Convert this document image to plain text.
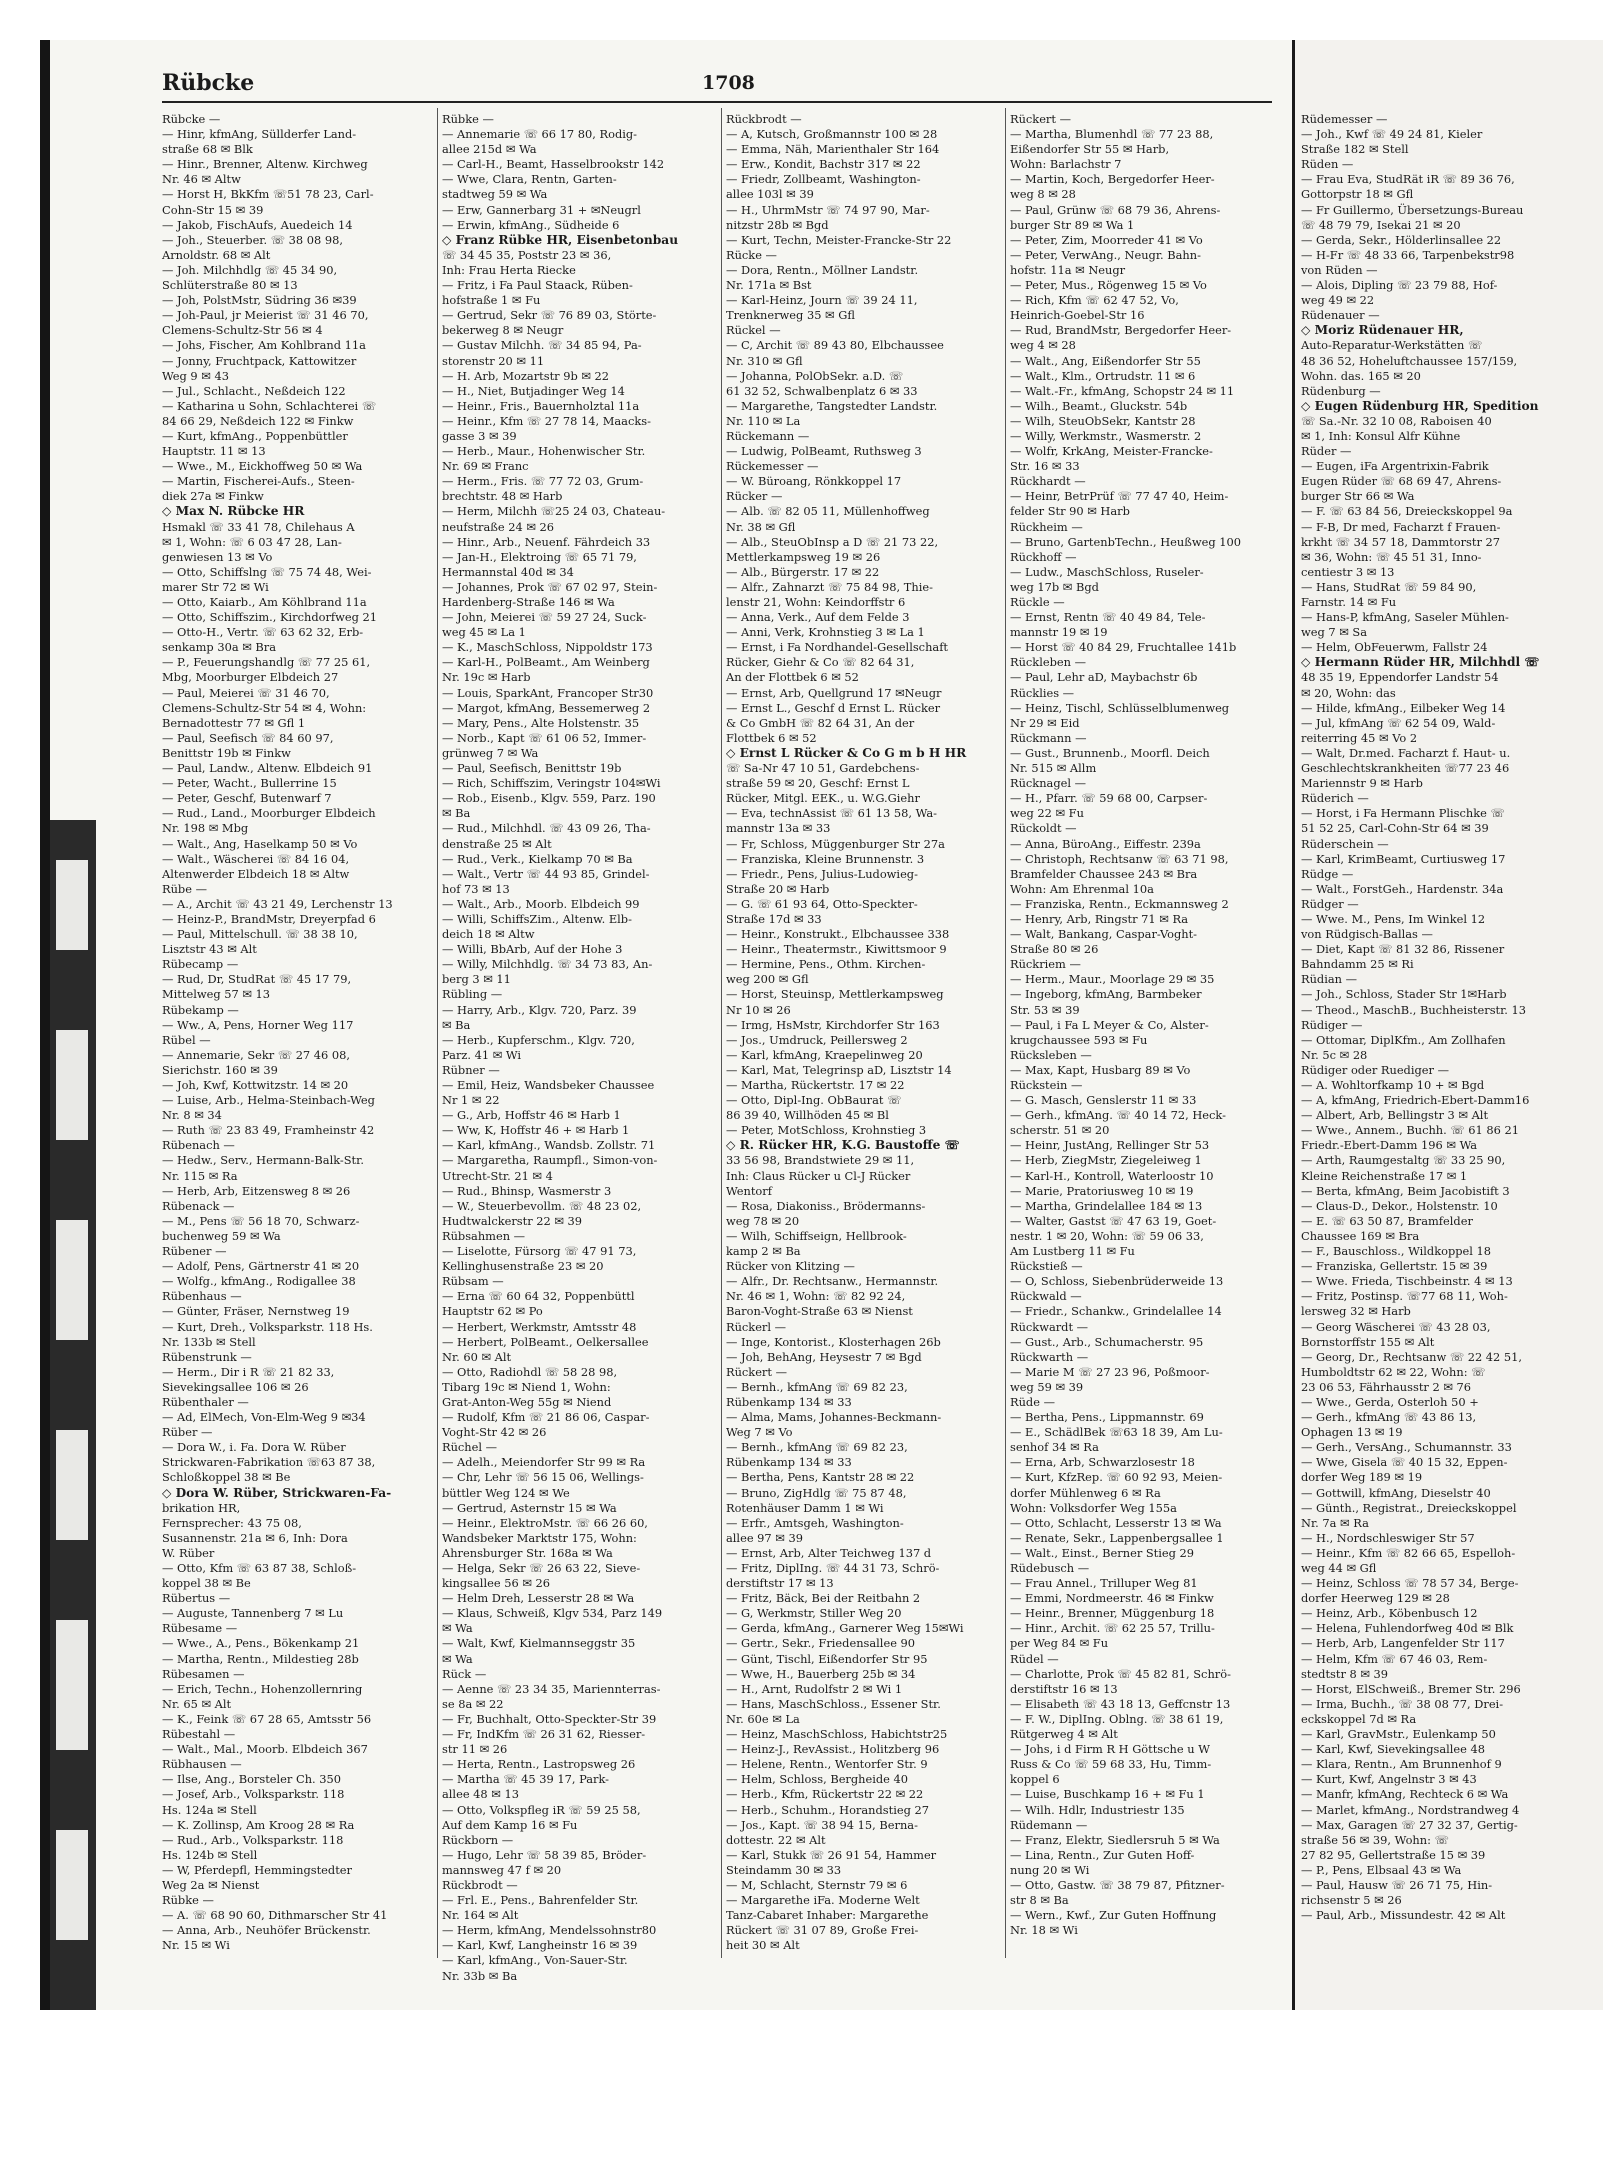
Rübcke	1708
Rübcke —
— Hinr, kfmAng, Süllderfer Land-
straße 68 ✉ Blk
— Hinr., Brenner, Altenw. Kirchweg
Nr. 46 ✉ Altw
— Horst H, BkKfm ☏51 78 23, Carl-
Cohn-Str 15 ✉ 39
— Jakob, FischAufs, Auedeich 14
— Joh., Steuerber. ☏ 38 08 98,
Arnoldstr. 68 ✉ Alt
— Joh. Milchhdlg ☏ 45 34 90,
Schlüterstraße 80 ✉ 13
— Joh, PolstMstr, Südring 36 ✉39
— Joh-Paul, jr Meierist ☏ 31 46 70,
Clemens-Schultz-Str 56 ✉ 4
— Johs, Fischer, Am Kohlbrand 11a
— Jonny, Fruchtpack, Kattowitzer
Weg 9 ✉ 43
— Jul., Schlacht., Neßdeich 122
— Katharina u Sohn, Schlachterei ☏
84 66 29, Neßdeich 122 ✉ Finkw
— Kurt, kfmAng., Poppenbüttler
Hauptstr. 11 ✉ 13
— Wwe., M., Eickhoffweg 50 ✉ Wa
— Martin, Fischerei-Aufs., Steen-
diek 27a ✉ Finkw
◇ Max N. Rübcke HR
Hsmakl ☏ 33 41 78, Chilehaus A
✉ 1, Wohn: ☏ 6 03 47 28, Lan-
genwiesen 13 ✉ Vo
— Otto, Schiffslng ☏ 75 74 48, Wei-
marer Str 72 ✉ Wi
— Otto, Kaiarb., Am Köhlbrand 11a
— Otto, Schiffszim., Kirchdorfweg 21
— Otto-H., Vertr. ☏ 63 62 32, Erb-
senkamp 30a ✉ Bra
— P., Feuerungshandlg ☏ 77 25 61,
Mbg, Moorburger Elbdeich 27
— Paul, Meierei ☏ 31 46 70,
Clemens-Schultz-Str 54 ✉ 4, Wohn:
Bernadottestr 77 ✉ Gfl 1
— Paul, Seefisch ☏ 84 60 97,
Benittstr 19b ✉ Finkw
— Paul, Landw., Altenw. Elbdeich 91
— Peter, Wacht., Bullerrine 15
— Peter, Geschf, Butenwarf 7
— Rud., Land., Moorburger Elbdeich
Nr. 198 ✉ Mbg
— Walt., Ang, Haselkamp 50 ✉ Vo
— Walt., Wäscherei ☏ 84 16 04,
Altenwerder Elbdeich 18 ✉ Altw
Rübe —
— A., Archit ☏ 43 21 49, Lerchenstr 13
— Heinz-P., BrandMstr, Dreyerpfad 6
— Paul, Mittelschull. ☏ 38 38 10,
Lisztstr 43 ✉ Alt
Rübecamp —
— Rud, Dr, StudRat ☏ 45 17 79,
Mittelweg 57 ✉ 13
Rübekamp —
— Ww., A, Pens, Horner Weg 117
Rübel —
— Annemarie, Sekr ☏ 27 46 08,
Sierichstr. 160 ✉ 39
— Joh, Kwf, Kottwitzstr. 14 ✉ 20
— Luise, Arb., Helma-Steinbach-Weg
Nr. 8 ✉ 34
— Ruth ☏ 23 83 49, Framheinstr 42
Rübenach —
— Hedw., Serv., Hermann-Balk-Str.
Nr. 115 ✉ Ra
— Herb, Arb, Eitzensweg 8 ✉ 26
Rübenack —
— M., Pens ☏ 56 18 70, Schwarz-
buchenweg 59 ✉ Wa
Rübener —
— Adolf, Pens, Gärtnerstr 41 ✉ 20
— Wolfg., kfmAng., Rodigallee 38
Rübenhaus —
— Günter, Fräser, Nernstweg 19
— Kurt, Dreh., Volksparkstr. 118 Hs.
Nr. 133b ✉ Stell
Rübenstrunk —
— Herm., Dir i R ☏ 21 82 33,
Sievekingsallee 106 ✉ 26
Rübenthaler —
— Ad, ElMech, Von-Elm-Weg 9 ✉34
Rüber —
— Dora W., i. Fa. Dora W. Rüber
Strickwaren-Fabrikation ☏63 87 38,
Schloßkoppel 38 ✉ Be
◇ Dora W. Rüber, Strickwaren-Fa-
brikation HR,
Fernsprecher: 43 75 08,
Susannenstr. 21a ✉ 6, Inh: Dora
W. Rüber
— Otto, Kfm ☏ 63 87 38, Schloß-
koppel 38 ✉ Be
Rübertus —
— Auguste, Tannenberg 7 ✉ Lu
Rübesame —
— Wwe., A., Pens., Bökenkamp 21
— Martha, Rentn., Mildestieg 28b
Rübesamen —
— Erich, Techn., Hohenzollernring
Nr. 65 ✉ Alt
— K., Feink ☏ 67 28 65, Amtsstr 56
Rübestahl —
— Walt., Mal., Moorb. Elbdeich 367
Rübhausen —
— Ilse, Ang., Borsteler Ch. 350
— Josef, Arb., Volksparkstr. 118
Hs. 124a ✉ Stell
— K. Zollinsp, Am Kroog 28 ✉ Ra
— Rud., Arb., Volksparkstr. 118
Hs. 124b ✉ Stell
— W, Pferdepfl, Hemmingstedter
Weg 2a ✉ Nienst
Rübke —
— A. ☏ 68 90 60, Dithmarscher Str 41
— Anna, Arb., Neuhöfer Brückenstr.
Nr. 15 ✉ Wi
Rübke —
— Annemarie ☏ 66 17 80, Rodig-
allee 215d ✉ Wa
— Carl-H., Beamt, Hasselbrookstr 142
— Wwe, Clara, Rentn, Garten-
stadtweg 59 ✉ Wa
— Erw, Gannerbarg 31 + ✉Neugrl
— Erwin, kfmAng., Südheide 6
◇ Franz Rübke HR, Eisenbetonbau
☏ 34 45 35, Poststr 23 ✉ 36,
Inh: Frau Herta Riecke
— Fritz, i Fa Paul Staack, Rüben-
hofstraße 1 ✉ Fu
— Gertrud, Sekr ☏ 76 89 03, Störte-
bekerweg 8 ✉ Neugr
— Gustav Milchh. ☏ 34 85 94, Pa-
storenstr 20 ✉ 11
— H. Arb, Mozartstr 9b ✉ 22
— H., Niet, Butjadinger Weg 14
— Heinr., Fris., Bauernholztal 11a
— Heinr., Kfm ☏ 27 78 14, Maacks-
gasse 3 ✉ 39
— Herb., Maur., Hohenwischer Str.
Nr. 69 ✉ Franc
— Herm., Fris. ☏ 77 72 03, Grum-
brechtstr. 48 ✉ Harb
— Herm, Milchh ☏25 24 03, Chateau-
neufstraße 24 ✉ 26
— Hinr., Arb., Neuenf. Fährdeich 33
— Jan-H., Elektroing ☏ 65 71 79,
Hermannstal 40d ✉ 34
— Johannes, Prok ☏ 67 02 97, Stein-
Hardenberg-Straße 146 ✉ Wa
— John, Meierei ☏ 59 27 24, Suck-
weg 45 ✉ La 1
— K., MaschSchloss, Nippoldstr 173
— Karl-H., PolBeamt., Am Weinberg
Nr. 19c ✉ Harb
— Louis, SparkAnt, Francoper Str30
— Margot, kfmAng, Bessemerweg 2
— Mary, Pens., Alte Holstenstr. 35
— Norb., Kapt ☏ 61 06 52, Immer-
grünweg 7 ✉ Wa
— Paul, Seefisch, Benittstr 19b
— Rich, Schiffszim, Veringstr 104✉Wi
— Rob., Eisenb., Klgv. 559, Parz. 190
✉ Ba
— Rud., Milchhdl. ☏ 43 09 26, Tha-
denstraße 25 ✉ Alt
— Rud., Verk., Kielkamp 70 ✉ Ba
— Walt., Vertr ☏ 44 93 85, Grindel-
hof 73 ✉ 13
— Walt., Arb., Moorb. Elbdeich 99
— Willi, SchiffsZim., Altenw. Elb-
deich 18 ✉ Altw
— Willi, BbArb, Auf der Hohe 3
— Willy, Milchhdlg. ☏ 34 73 83, An-
berg 3 ✉ 11
Rübling —
— Harry, Arb., Klgv. 720, Parz. 39
✉ Ba
— Herb., Kupferschm., Klgv. 720,
Parz. 41 ✉ Wi
Rübner —
— Emil, Heiz, Wandsbeker Chaussee
Nr 1 ✉ 22
— G., Arb, Hoffstr 46 ✉ Harb 1
— Ww, K, Hoffstr 46 + ✉ Harb 1
— Karl, kfmAng., Wandsb. Zollstr. 71
— Margaretha, Raumpfl., Simon-von-
Utrecht-Str. 21 ✉ 4
— Rud., Bhinsp, Wasmerstr 3
— W., Steuerbevollm. ☏ 48 23 02,
Hudtwalckerstr 22 ✉ 39
Rübsahmen —
— Liselotte, Fürsorg ☏ 47 91 73,
Kellinghusenstraße 23 ✉ 20
Rübsam —
— Erna ☏ 60 64 32, Poppenbüttl
Hauptstr 62 ✉ Po
— Herbert, Werkmstr, Amtsstr 48
— Herbert, PolBeamt., Oelkersallee
Nr. 60 ✉ Alt
— Otto, Radiohdl ☏ 58 28 98,
Tibarg 19c ✉ Niend 1, Wohn:
Grat-Anton-Weg 55g ✉ Niend
— Rudolf, Kfm ☏ 21 86 06, Caspar-
Voght-Str 42 ✉ 26
Rüchel —
— Adelh., Meiendorfer Str 99 ✉ Ra
— Chr, Lehr ☏ 56 15 06, Wellings-
büttler Weg 124 ✉ We
— Gertrud, Asternstr 15 ✉ Wa
— Heinr., ElektroMstr. ☏ 66 26 60,
Wandsbeker Marktstr 175, Wohn:
Ahrensburger Str. 168a ✉ Wa
— Helga, Sekr ☏ 26 63 22, Sieve-
kingsallee 56 ✉ 26
— Helm Dreh, Lesserstr 28 ✉ Wa
— Klaus, Schweiß, Klgv 534, Parz 149
✉ Wa
— Walt, Kwf, Kielmannseggstr 35
✉ Wa
Rück —
— Aenne ☏ 23 34 35, Mariennterras-
se 8a ✉ 22
— Fr, Buchhalt, Otto-Speckter-Str 39
— Fr, IndKfm ☏ 26 31 62, Riesser-
str 11 ✉ 26
— Herta, Rentn., Lastropsweg 26
— Martha ☏ 45 39 17, Park-
allee 48 ✉ 13
— Otto, Volkspfleg iR ☏ 59 25 58,
Auf dem Kamp 16 ✉ Fu
Rückborn —
— Hugo, Lehr ☏ 58 39 85, Bröder-
mannsweg 47 f ✉ 20
Rückbrodt —
— Frl. E., Pens., Bahrenfelder Str.
Nr. 164 ✉ Alt
— Herm, kfmAng, Mendelssohnstr80
— Karl, Kwf, Langheinstr 16 ✉ 39
— Karl, kfmAng., Von-Sauer-Str.
Nr. 33b ✉ Ba
Rückbrodt —
— A, Kutsch, Großmannstr 100 ✉ 28
— Emma, Näh, Marienthaler Str 164
— Erw., Kondit, Bachstr 317 ✉ 22
— Friedr, Zollbeamt, Washington-
allee 103l ✉ 39
— H., UhrmMstr ☏ 74 97 90, Mar-
nitzstr 28b ✉ Bgd
— Kurt, Techn, Meister-Francke-Str 22
Rücke —
— Dora, Rentn., Möllner Landstr.
Nr. 171a ✉ Bst
— Karl-Heinz, Journ ☏ 39 24 11,
Trenknerweg 35 ✉ Gfl
Rückel —
— C, Archit ☏ 89 43 80, Elbchaussee
Nr. 310 ✉ Gfl
— Johanna, PolObSekr. a.D. ☏
61 32 52, Schwalbenplatz 6 ✉ 33
— Margarethe, Tangstedter Landstr.
Nr. 110 ✉ La
Rückemann —
— Ludwig, PolBeamt, Ruthsweg 3
Rückemesser —
— W. Büroang, Rönkkoppel 17
Rücker —
— Alb. ☏ 82 05 11, Müllenhoffweg
Nr. 38 ✉ Gfl
— Alb., SteuObInsp a D ☏ 21 73 22,
Mettlerkampsweg 19 ✉ 26
— Alb., Bürgerstr. 17 ✉ 22
— Alfr., Zahnarzt ☏ 75 84 98, Thie-
lenstr 21, Wohn: Keindorffstr 6
— Anna, Verk., Auf dem Felde 3
— Anni, Verk, Krohnstieg 3 ✉ La 1
— Ernst, i Fa Nordhandel-Gesellschaft
Rücker, Giehr & Co ☏ 82 64 31,
An der Flottbek 6 ✉ 52
— Ernst, Arb, Quellgrund 17 ✉Neugr
— Ernst L., Geschf d Ernst L. Rücker
& Co GmbH ☏ 82 64 31, An der
Flottbek 6 ✉ 52
◇ Ernst L Rücker & Co G m b H HR
☏ Sa-Nr 47 10 51, Gardebchens-
straße 59 ✉ 20, Geschf: Ernst L
Rücker, Mitgl. EEK., u. W.G.Giehr
— Eva, technAssist ☏ 61 13 58, Wa-
mannstr 13a ✉ 33
— Fr, Schloss, Müggenburger Str 27a
— Franziska, Kleine Brunnenstr. 3
— Friedr., Pens, Julius-Ludowieg-
Straße 20 ✉ Harb
— G. ☏ 61 93 64, Otto-Speckter-
Straße 17d ✉ 33
— Heinr., Konstrukt., Elbchaussee 338
— Heinr., Theatermstr., Kiwittsmoor 9
— Hermine, Pens., Othm. Kirchen-
weg 200 ✉ Gfl
— Horst, Steuinsp, Mettlerkampsweg
Nr 10 ✉ 26
— Irmg, HsMstr, Kirchdorfer Str 163
— Jos., Umdruck, Peillersweg 2
— Karl, kfmAng, Kraepelinweg 20
— Karl, Mat, Telegrinsp aD, Lisztstr 14
— Martha, Rückertstr. 17 ✉ 22
— Otto, Dipl-Ing. ObBaurat ☏
86 39 40, Willhöden 45 ✉ Bl
— Peter, MotSchloss, Krohnstieg 3
◇ R. Rücker HR, K.G. Baustoffe ☏
33 56 98, Brandstwiete 29 ✉ 11,
Inh: Claus Rücker u Cl-J Rücker
Wentorf
— Rosa, Diakoniss., Brödermanns-
weg 78 ✉ 20
— Wilh, Schiffseign, Hellbrook-
kamp 2 ✉ Ba
Rücker von Klitzing —
— Alfr., Dr. Rechtsanw., Hermannstr.
Nr. 46 ✉ 1, Wohn: ☏ 82 92 24,
Baron-Voght-Straße 63 ✉ Nienst
Rückerl —
— Inge, Kontorist., Klosterhagen 26b
— Joh, BehAng, Heysestr 7 ✉ Bgd
Rückert —
— Bernh., kfmAng ☏ 69 82 23,
Rübenkamp 134 ✉ 33
— Alma, Mams, Johannes-Beckmann-
Weg 7 ✉ Vo
— Bernh., kfmAng ☏ 69 82 23,
Rübenkamp 134 ✉ 33
— Bertha, Pens, Kantstr 28 ✉ 22
— Bruno, ZigHdlg ☏ 75 87 48,
Rotenhäuser Damm 1 ✉ Wi
— Erfr., Amtsgeh, Washington-
allee 97 ✉ 39
— Ernst, Arb, Alter Teichweg 137 d
— Fritz, DiplIng. ☏ 44 31 73, Schrö-
derstiftstr 17 ✉ 13
— Fritz, Bäck, Bei der Reitbahn 2
— G, Werkmstr, Stiller Weg 20
— Gerda, kfmAng., Garnerer Weg 15✉Wi
— Gertr., Sekr., Friedensallee 90
— Günt, Tischl, Eißendorfer Str 95
— Wwe, H., Bauerberg 25b ✉ 34
— H., Arnt, Rudolfstr 2 ✉ Wi 1
— Hans, MaschSchloss., Essener Str.
Nr. 60e ✉ La
— Heinz, MaschSchloss, Habichtstr25
— Heinz-J., RevAssist., Holitzberg 96
— Helene, Rentn., Wentorfer Str. 9
— Helm, Schloss, Bergheide 40
— Herb., Kfm, Rückertstr 22 ✉ 22
— Herb., Schuhm., Horandstieg 27
— Jos., Kapt. ☏ 38 94 15, Berna-
dottestr. 22 ✉ Alt
— Karl, Stukk ☏ 26 91 54, Hammer
Steindamm 30 ✉ 33
— M, Schlacht, Sternstr 79 ✉ 6
— Margarethe iFa. Moderne Welt
Tanz-Cabaret Inhaber: Margarethe
Rückert ☏ 31 07 89, Große Frei-
heit 30 ✉ Alt
Rückert —
— Martha, Blumenhdl ☏ 77 23 88,
Eißendorfer Str 55 ✉ Harb,
Wohn: Barlachstr 7
— Martin, Koch, Bergedorfer Heer-
weg 8 ✉ 28
— Paul, Grünw ☏ 68 79 36, Ahrens-
burger Str 89 ✉ Wa 1
— Peter, Zim, Moorreder 41 ✉ Vo
— Peter, VerwAng., Neugr. Bahn-
hofstr. 11a ✉ Neugr
— Peter, Mus., Rögenweg 15 ✉ Vo
— Rich, Kfm ☏ 62 47 52, Vo,
Heinrich-Goebel-Str 16
— Rud, BrandMstr, Bergedorfer Heer-
weg 4 ✉ 28
— Walt., Ang, Eißendorfer Str 55
— Walt., Klm., Ortrudstr. 11 ✉ 6
— Walt.-Fr., kfmAng, Schopstr 24 ✉ 11
— Wilh., Beamt., Gluckstr. 54b
— Wilh, SteuObSekr, Kantstr 28
— Willy, Werkmstr., Wasmerstr. 2
— Wolfr, KrkAng, Meister-Francke-
Str. 16 ✉ 33
Rückhardt —
— Heinr, BetrPrüf ☏ 77 47 40, Heim-
felder Str 90 ✉ Harb
Rückheim —
— Bruno, GartenbTechn., Heußweg 100
Rückhoff —
— Ludw., MaschSchloss, Ruseler-
weg 17b ✉ Bgd
Rückle —
— Ernst, Rentn ☏ 40 49 84, Tele-
mannstr 19 ✉ 19
— Horst ☏ 40 84 29, Fruchtallee 141b
Rückleben —
— Paul, Lehr aD, Maybachstr 6b
Rücklies —
— Heinz, Tischl, Schlüsselblumenweg
Nr 29 ✉ Eid
Rückmann —
— Gust., Brunnenb., Moorfl. Deich
Nr. 515 ✉ Allm
Rücknagel —
— H., Pfarr. ☏ 59 68 00, Carpser-
weg 22 ✉ Fu
Rückoldt —
— Anna, BüroAng., Eiffestr. 239a
— Christoph, Rechtsanw ☏ 63 71 98,
Bramfelder Chaussee 243 ✉ Bra
Wohn: Am Ehrenmal 10a
— Franziska, Rentn., Eckmannsweg 2
— Henry, Arb, Ringstr 71 ✉ Ra
— Walt, Bankang, Caspar-Voght-
Straße 80 ✉ 26
Rückriem —
— Herm., Maur., Moorlage 29 ✉ 35
— Ingeborg, kfmAng, Barmbeker
Str. 53 ✉ 39
— Paul, i Fa L Meyer & Co, Alster-
krugchaussee 593 ✉ Fu
Rücksleben —
— Max, Kapt, Husbarg 89 ✉ Vo
Rückstein —
— G. Masch, Genslerstr 11 ✉ 33
— Gerh., kfmAng. ☏ 40 14 72, Heck-
scherstr. 51 ✉ 20
— Heinr, JustAng, Rellinger Str 53
— Herb, ZiegMstr, Ziegeleiweg 1
— Karl-H., Kontroll, Waterloostr 10
— Marie, Pratoriusweg 10 ✉ 19
— Martha, Grindelallee 184 ✉ 13
— Walter, Gastst ☏ 47 63 19, Goet-
nestr. 1 ✉ 20, Wohn: ☏ 59 06 33,
Am Lustberg 11 ✉ Fu
Rückstieß —
— O, Schloss, Siebenbrüderweide 13
Rückwald —
— Friedr., Schankw., Grindelallee 14
Rückwardt —
— Gust., Arb., Schumacherstr. 95
Rückwarth —
— Marie M ☏ 27 23 96, Poßmoor-
weg 59 ✉ 39
Rüde —
— Bertha, Pens., Lippmannstr. 69
— E., SchädlBek ☏63 18 39, Am Lu-
senhof 34 ✉ Ra
— Erna, Arb, Schwarzlosestr 18
— Kurt, KfzRep. ☏ 60 92 93, Meien-
dorfer Mühlenweg 6 ✉ Ra
Wohn: Volksdorfer Weg 155a
— Otto, Schlacht, Lesserstr 13 ✉ Wa
— Renate, Sekr., Lappenbergsallee 1
— Walt., Einst., Berner Stieg 29
Rüdebusch —
— Frau Annel., Trilluper Weg 81
— Emmi, Nordmeerstr. 46 ✉ Finkw
— Heinr., Brenner, Müggenburg 18
— Hinr., Archit. ☏ 62 25 57, Trillu-
per Weg 84 ✉ Fu
Rüdel —
— Charlotte, Prok ☏ 45 82 81, Schrö-
derstiftstr 16 ✉ 13
— Elisabeth ☏ 43 18 13, Geffcnstr 13
— F. W., DiplIng. Oblng. ☏ 38 61 19,
Rütgerweg 4 ✉ Alt
— Johs, i d Firm R H Göttsche u W
Russ & Co ☏ 59 68 33, Hu, Timm-
koppel 6
— Luise, Buschkamp 16 + ✉ Fu 1
— Wilh. Hdlr, Industriestr 135
Rüdemann —
— Franz, Elektr, Siedlersruh 5 ✉ Wa
— Lina, Rentn., Zur Guten Hoff-
nung 20 ✉ Wi
— Otto, Gastw. ☏ 38 79 87, Pfitzner-
str 8 ✉ Ba
— Wern., Kwf., Zur Guten Hoffnung
Nr. 18 ✉ Wi
Rüdemesser —
— Joh., Kwf ☏ 49 24 81, Kieler
Straße 182 ✉ Stell
Rüden —
— Frau Eva, StudRät iR ☏ 89 36 76,
Gottorpstr 18 ✉ Gfl
— Fr Guillermo, Übersetzungs-Bureau
☏ 48 79 79, Isekai 21 ✉ 20
— Gerda, Sekr., Hölderlinsallee 22
— H-Fr ☏ 48 33 66, Tarpenbekstr98
von Rüden —
— Alois, Dipling ☏ 23 79 88, Hof-
weg 49 ✉ 22
Rüdenauer —
◇ Moriz Rüdenauer HR,
Auto-Reparatur-Werkstätten ☏
48 36 52, Hoheluftchaussee 157/159,
Wohn. das. 165 ✉ 20
Rüdenburg —
◇ Eugen Rüdenburg HR, Spedition
☏ Sa.-Nr. 32 10 08, Raboisen 40
✉ 1, Inh: Konsul Alfr Kühne
Rüder —
— Eugen, iFa Argentrixin-Fabrik
Eugen Rüder ☏ 68 69 47, Ahrens-
burger Str 66 ✉ Wa
— F. ☏ 63 84 56, Dreieckskoppel 9a
— F-B, Dr med, Facharzt f Frauen-
krkht ☏ 34 57 18, Dammtorstr 27
✉ 36, Wohn: ☏ 45 51 31, Inno-
centiestr 3 ✉ 13
— Hans, StudRat ☏ 59 84 90,
Farnstr. 14 ✉ Fu
— Hans-P, kfmAng, Saseler Mühlen-
weg 7 ✉ Sa
— Helm, ObFeuerwm, Fallstr 24
◇ Hermann Rüder HR, Milchhdl ☏
48 35 19, Eppendorfer Landstr 54
✉ 20, Wohn: das
— Hilde, kfmAng., Eilbeker Weg 14
— Jul, kfmAng ☏ 62 54 09, Wald-
reiterring 45 ✉ Vo 2
— Walt, Dr.med. Facharzt f. Haut- u.
Geschlechtskrankheiten ☏77 23 46
Mariennstr 9 ✉ Harb
Rüderich —
— Horst, i Fa Hermann Plischke ☏
51 52 25, Carl-Cohn-Str 64 ✉ 39
Rüderschein —
— Karl, KrimBeamt, Curtiusweg 17
Rüdge —
— Walt., ForstGeh., Hardenstr. 34a
Rüdger —
— Wwe. M., Pens, Im Winkel 12
von Rüdgisch-Ballas —
— Diet, Kapt ☏ 81 32 86, Rissener
Bahndamm 25 ✉ Ri
Rüdian —
— Joh., Schloss, Stader Str 1✉Harb
— Theod., MaschB., Buchheisterstr. 13
Rüdiger —
— Ottomar, DiplKfm., Am Zollhafen
Nr. 5c ✉ 28
Rüdiger oder Ruediger —
— A. Wohltorfkamp 10 + ✉ Bgd
— A, kfmAng, Friedrich-Ebert-Damm16
— Albert, Arb, Bellingstr 3 ✉ Alt
— Wwe., Annem., Buchh. ☏ 61 86 21
Friedr.-Ebert-Damm 196 ✉ Wa
— Arth, Raumgestaltg ☏ 33 25 90,
Kleine Reichenstraße 17 ✉ 1
— Berta, kfmAng, Beim Jacobistift 3
— Claus-D., Dekor., Holstenstr. 10
— E. ☏ 63 50 87, Bramfelder
Chaussee 169 ✉ Bra
— F., Bauschloss., Wildkoppel 18
— Franziska, Gellertstr. 15 ✉ 39
— Wwe. Frieda, Tischbeinstr. 4 ✉ 13
— Fritz, Postinsp. ☏77 68 11, Woh-
lersweg 32 ✉ Harb
— Georg Wäscherei ☏ 43 28 03,
Bornstorffstr 155 ✉ Alt
— Georg, Dr., Rechtsanw ☏ 22 42 51,
Humboldtstr 62 ✉ 22, Wohn: ☏
23 06 53, Fährhausstr 2 ✉ 76
— Wwe., Gerda, Osterloh 50 +
— Gerh., kfmAng ☏ 43 86 13,
Ophagen 13 ✉ 19
— Gerh., VersAng., Schumannstr. 33
— Wwe, Gisela ☏ 40 15 32, Eppen-
dorfer Weg 189 ✉ 19
— Gottwill, kfmAng, Dieselstr 40
— Günth., Registrat., Dreieckskoppel
Nr. 7a ✉ Ra
— H., Nordschleswiger Str 57
— Heinr., Kfm ☏ 82 66 65, Espelloh-
weg 44 ✉ Gfl
— Heinz, Schloss ☏ 78 57 34, Berge-
dorfer Heerweg 129 ✉ 28
— Heinz, Arb., Köbenbusch 12
— Helena, Fuhlendorfweg 40d ✉ Blk
— Herb, Arb, Langenfelder Str 117
— Helm, Kfm ☏ 67 46 03, Rem-
stedtstr 8 ✉ 39
— Horst, ElSchweiß., Bremer Str. 296
— Irma, Buchh., ☏ 38 08 77, Drei-
eckskoppel 7d ✉ Ra
— Karl, GravMstr., Eulenkamp 50
— Karl, Kwf, Sievekingsallee 48
— Klara, Rentn., Am Brunnenhof 9
— Kurt, Kwf, Angelnstr 3 ✉ 43
— Manfr, kfmAng, Rechteck 6 ✉ Wa
— Marlet, kfmAng., Nordstrandweg 4
— Max, Garagen ☏ 27 32 37, Gertig-
straße 56 ✉ 39, Wohn: ☏
27 82 95, Gellertstraße 15 ✉ 39
— P., Pens, Elbsaal 43 ✉ Wa
— Paul, Hausw ☏ 26 71 75, Hin-
richsenstr 5 ✉ 26
— Paul, Arb., Missundestr. 42 ✉ Alt
